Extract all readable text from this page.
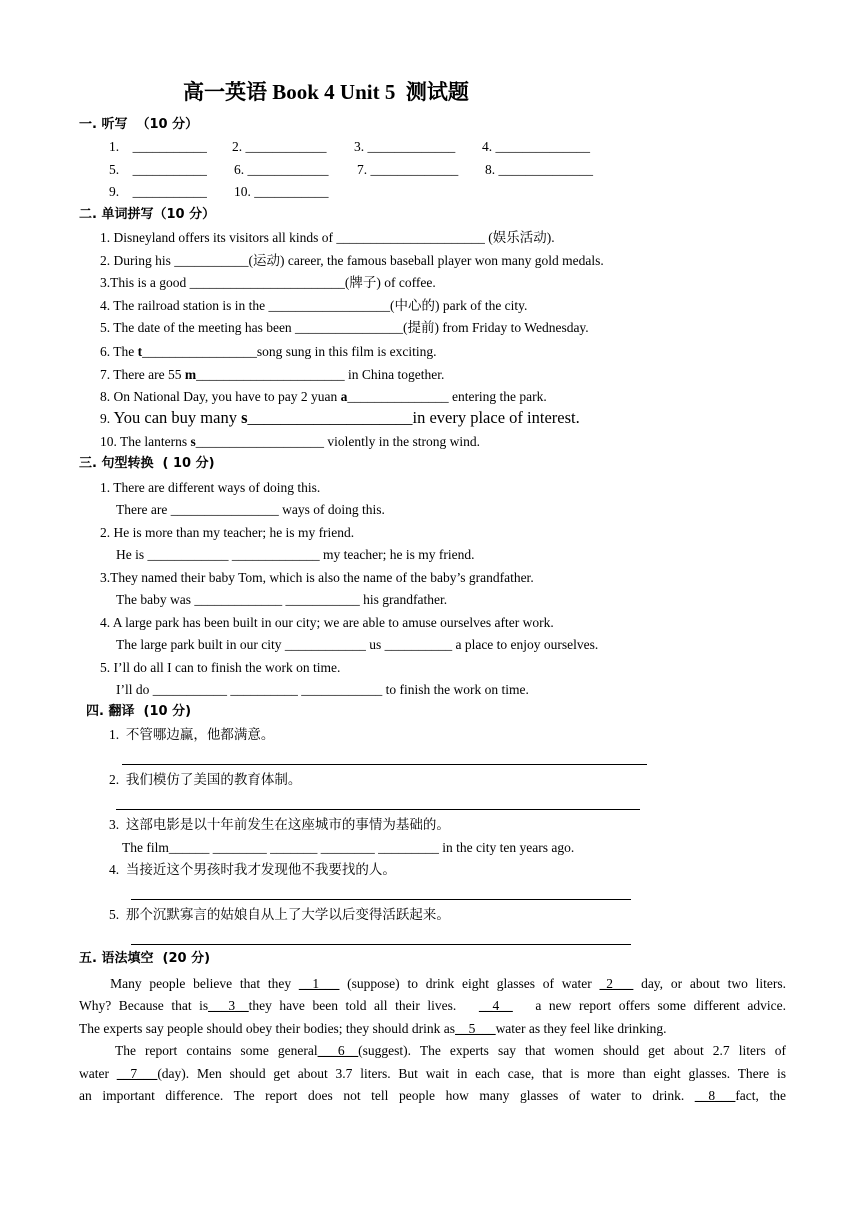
高一英语 Book 4 Unit 5  测试题
一. 听写  （10 分）
1.    ___________ 2. ____________ 3. _____________ 4. ______________
5.    ___________ 6. ____________ 7. _____________ 8. ______________
9.    ___________ 10. ___________
二. 单词拼写（10 分）
1. Disneyland offers its visitors all kinds of ______________________ (娱乐活动).
2. During his ___________(运动) career, the famous baseball player won many gold medals.
3.This is a good _______________________(牌子) of coffee.
4. The railroad station is in the __________________(中心的) park of the city.
5. The date of the meeting has been ________________(提前) from Friday to Wednesday.
6. The t_________________song sung in this film is exciting.
7. There are 55 m______________________ in China together.
8. On National Day, you have to pay 2 yuan a_______________ entering the park.
9. You can buy many s____________________in every place of interest.
10. The lanterns s___________________ violently in the strong wind.
三. 句型转换  ( 10 分)
1. There are different ways of doing this.
There are ________________ ways of doing this.
2. He is more than my teacher; he is my friend.
He is ____________ _____________ my teacher; he is my friend.
3.They named their baby Tom, which is also the name of the baby’s grandfather.
The baby was _____________ ___________ his grandfather.
4. A large park has been built in our city; we are able to amuse ourselves after work.
The large park built in our city ____________ us __________ a place to enjoy ourselves.
5. I’ll do all I can to finish the work on time.
I’ll do ___________ __________ ____________ to finish the work on time.
四. 翻译  (10 分)
1.  不管哪边赢，他都满意。
2.  我们模仿了美国的教育体制。
3.  这部电影是以十年前发生在这座城市的事情为基础的。
The film______ ________ _______ ________ _________ in the city ten years ago.
4.  当接近这个男孩时我才发现他不我要找的人。
5.  那个沉默寡言的姑娘自从上了大学以后变得活跃起来。
五. 语法填空  (20 分)
Many people believe that they __1___ (suppose) to drink eight glasses of water _2___ day, or about two liters.
Why? Because that is___3__they have been told all their lives.   __4__   a new report offers some different advice.
The experts say people should obey their bodies; they should drink as__5___water as they feel like drinking.
The report contains some general___6__(suggest). The experts say that women should get about 2.7 liters of
water __7___(day). Men should get about 3.7 liters. But wait in each case, that is more than eight glasses. There is
an important difference. The report does not tell people how many glasses of water to drink. __8___fact, the
